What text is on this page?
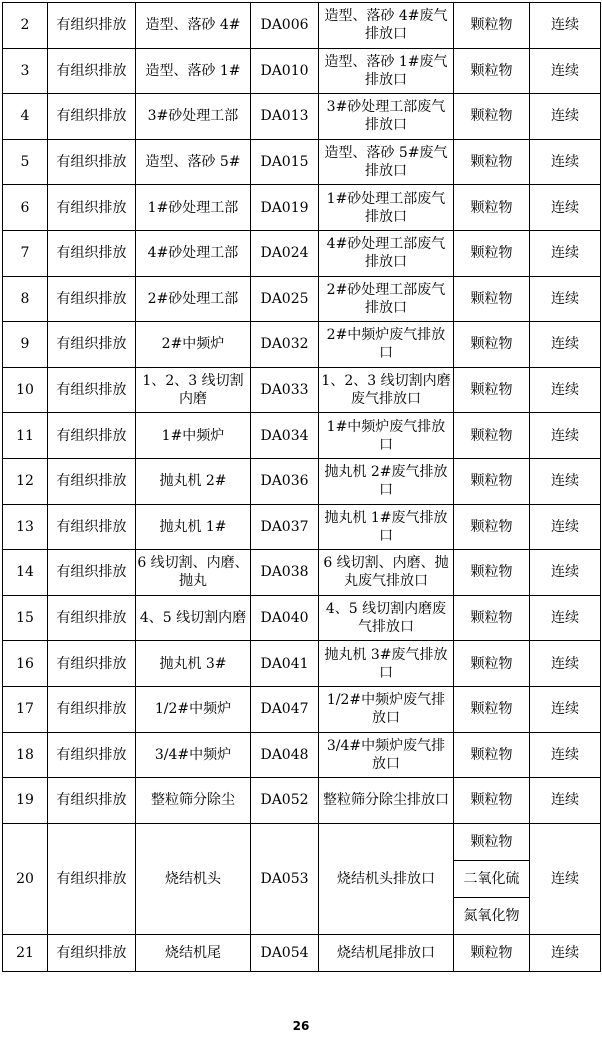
2	有组织排放	造型、落砂 4#	DA006	造型、落砂 4#废气排放口	颗粒物	连续
3	有组织排放	造型、落砂 1#	DA010	造型、落砂 1#废气排放口	颗粒物	连续
4	有组织排放	3#砂处理工部	DA013	3#砂处理工部废气排放口	颗粒物	连续
5	有组织排放	造型、落砂 5#	DA015	造型、落砂 5#废气排放口	颗粒物	连续
6	有组织排放	1#砂处理工部	DA019	1#砂处理工部废气排放口	颗粒物	连续
7	有组织排放	4#砂处理工部	DA024	4#砂处理工部废气排放口	颗粒物	连续
8	有组织排放	2#砂处理工部	DA025	2#砂处理工部废气排放口	颗粒物	连续
9	有组织排放	2#中频炉	DA032	2#中频炉废气排放口	颗粒物	连续
10	有组织排放	1、2、3 线切割内磨	DA033	1、2、3 线切割内磨废气排放口	颗粒物	连续
11	有组织排放	1#中频炉	DA034	1#中频炉废气排放口	颗粒物	连续
12	有组织排放	抛丸机 2#	DA036	抛丸机 2#废气排放口	颗粒物	连续
13	有组织排放	抛丸机 1#	DA037	抛丸机 1#废气排放口	颗粒物	连续
14	有组织排放	6 线切割、内磨、抛丸	DA038	6 线切割、内磨、抛丸废气排放口	颗粒物	连续
15	有组织排放	4、5 线切割内磨	DA040	4、5 线切割内磨废气排放口	颗粒物	连续
16	有组织排放	抛丸机 3#	DA041	抛丸机 3#废气排放口	颗粒物	连续
17	有组织排放	1/2#中频炉	DA047	1/2#中频炉废气排放口	颗粒物	连续
18	有组织排放	3/4#中频炉	DA048	3/4#中频炉废气排放口	颗粒物	连续
19	有组织排放	整粒筛分除尘	DA052	整粒筛分除尘排放口	颗粒物	连续
20	有组织排放	烧结机头	DA053	烧结机头排放口	颗粒物	连续
					二氧化硫	
					氮氧化物	
21	有组织排放	烧结机尾	DA054	烧结机尾排放口	颗粒物	连续
26
